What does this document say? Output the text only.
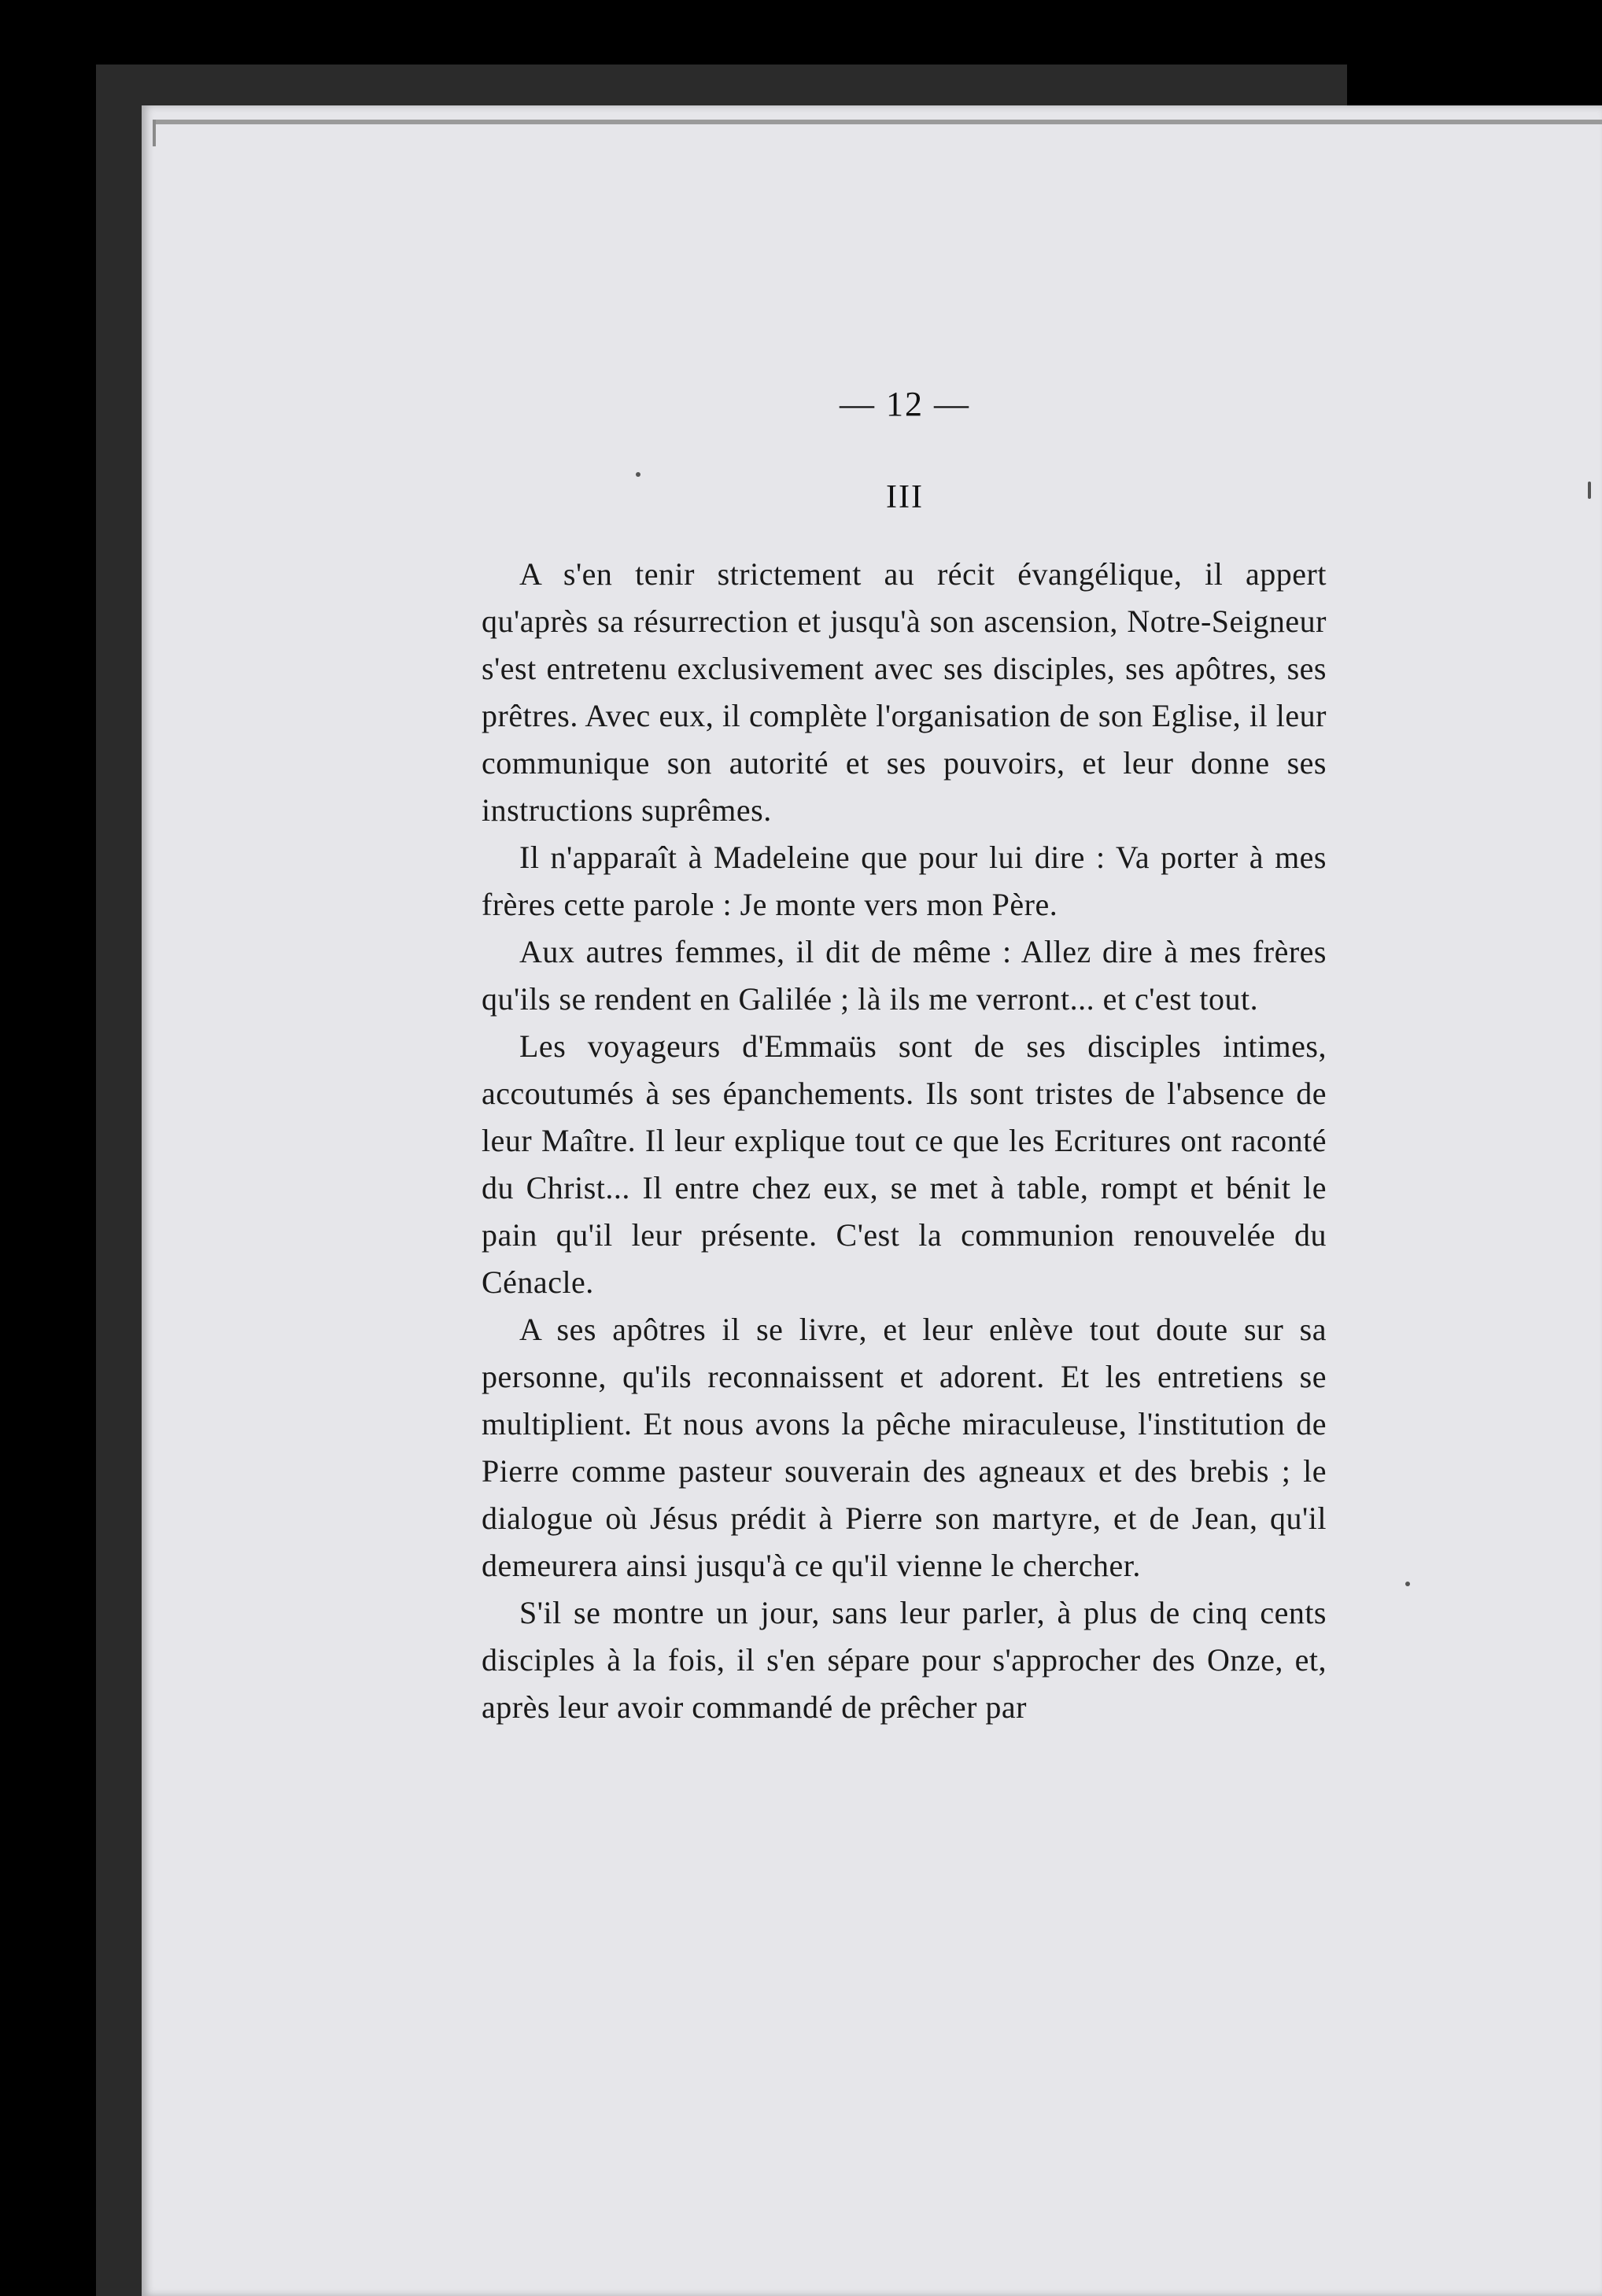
— 12 —
III

A s'en tenir strictement au récit évangélique, il appert qu'après sa résurrection et jusqu'à son ascension, Notre-Seigneur s'est entretenu exclusivement avec ses disciples, ses apôtres, ses prêtres. Avec eux, il complète l'organisation de son Eglise, il leur communique son autorité et ses pouvoirs, et leur donne ses instructions suprêmes.

Il n'apparaît à Madeleine que pour lui dire : Va porter à mes frères cette parole : Je monte vers mon Père.

Aux autres femmes, il dit de même : Allez dire à mes frères qu'ils se rendent en Galilée ; là ils me verront... et c'est tout.

Les voyageurs d'Emmaüs sont de ses disciples intimes, accoutumés à ses épanchements. Ils sont tristes de l'absence de leur Maître. Il leur explique tout ce que les Ecritures ont raconté du Christ... Il entre chez eux, se met à table, rompt et bénit le pain qu'il leur présente. C'est la communion renouvelée du Cénacle.

A ses apôtres il se livre, et leur enlève tout doute sur sa personne, qu'ils reconnaissent et adorent. Et les entretiens se multiplient. Et nous avons la pêche miraculeuse, l'institution de Pierre comme pasteur souverain des agneaux et des brebis ; le dialogue où Jésus prédit à Pierre son martyre, et de Jean, qu'il demeurera ainsi jusqu'à ce qu'il vienne le chercher.

S'il se montre un jour, sans leur parler, à plus de cinq cents disciples à la fois, il s'en sépare pour s'approcher des Onze, et, après leur avoir commandé de prêcher par
